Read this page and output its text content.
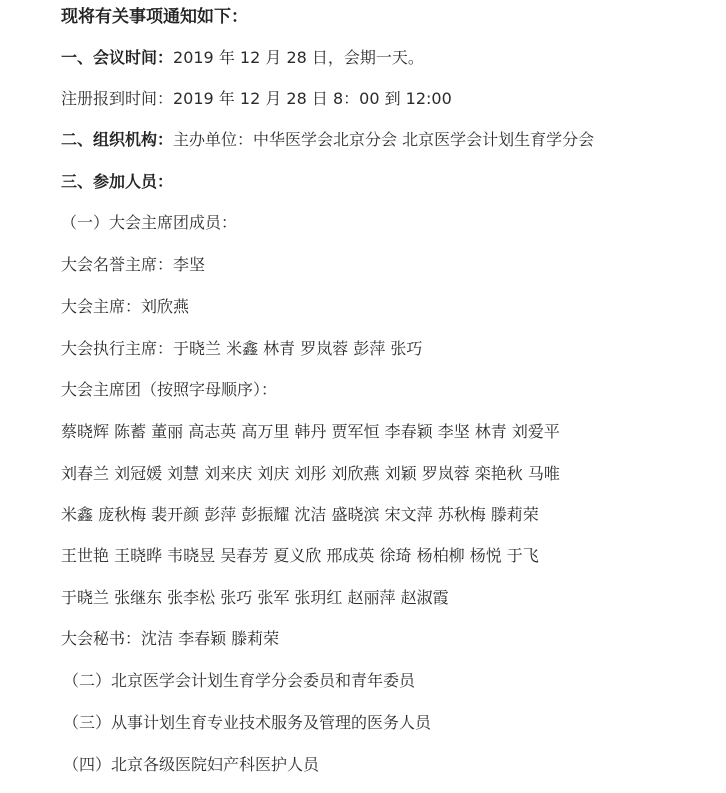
现将有关事项通知如下：
一、会议时间：2019 年 12 月 28 日，会期一天。
注册报到时间：2019 年 12 月 28 日 8：00 到 12:00
二、组织机构：主办单位：中华医学会北京分会 北京医学会计划生育学分会
三、参加人员：
（一）大会主席团成员：
大会名誉主席：李坚
大会主席：刘欣燕
大会执行主席：于晓兰 米鑫 林青 罗岚蓉 彭萍 张巧
大会主席团（按照字母顺序）：
蔡晓辉 陈蓄 董丽 高志英 高万里 韩丹 贾军恒 李春颖 李坚 林青 刘爱平
刘春兰 刘冠媛 刘慧 刘来庆 刘庆 刘彤 刘欣燕 刘颖 罗岚蓉 栾艳秋 马唯
米鑫 庞秋梅 裴开颜 彭萍 彭振耀 沈洁 盛晓滨 宋文萍 苏秋梅 滕莉荣
王世艳 王晓晔 韦晓昱 吴春芳 夏义欣 邢成英 徐琦 杨柏柳 杨悦 于飞
于晓兰 张继东 张李松 张巧 张军 张玥红 赵丽萍 赵淑霞
大会秘书：沈洁 李春颖 滕莉荣
（二）北京医学会计划生育学分会委员和青年委员
（三）从事计划生育专业技术服务及管理的医务人员
（四）北京各级医院妇产科医护人员
